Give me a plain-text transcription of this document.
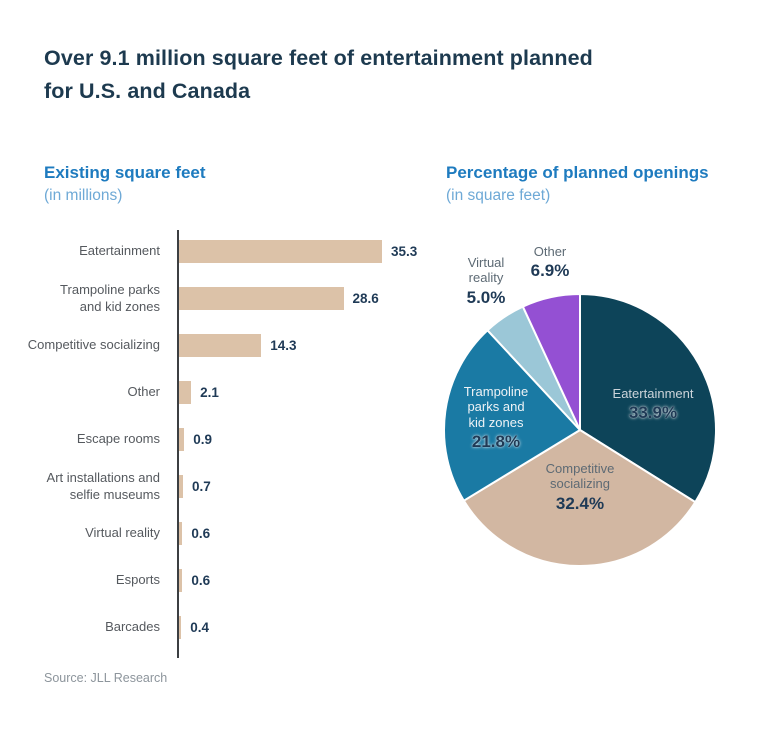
Over 9.1 million square feet of entertainment planned for U.S. and Canada
Existing square feet
(in millions)
Percentage of planned openings
(in square feet)
Eatertainment	35.3
Trampoline parks
and kid zones	28.6
Competitive socializing	14.3
Other	2.1
Escape rooms 0.9
Art installations and
selfie museums 0.7
Virtual reality 0.6
Esports 0.6
Barcades 0.4
Virtual
reality
5.0%
Other
6.9%
Eatertainment
33.9%
Competitive
socializing
32.4%
Trampoline
parks and
kid zones
21.8%
Source: JLL Research
